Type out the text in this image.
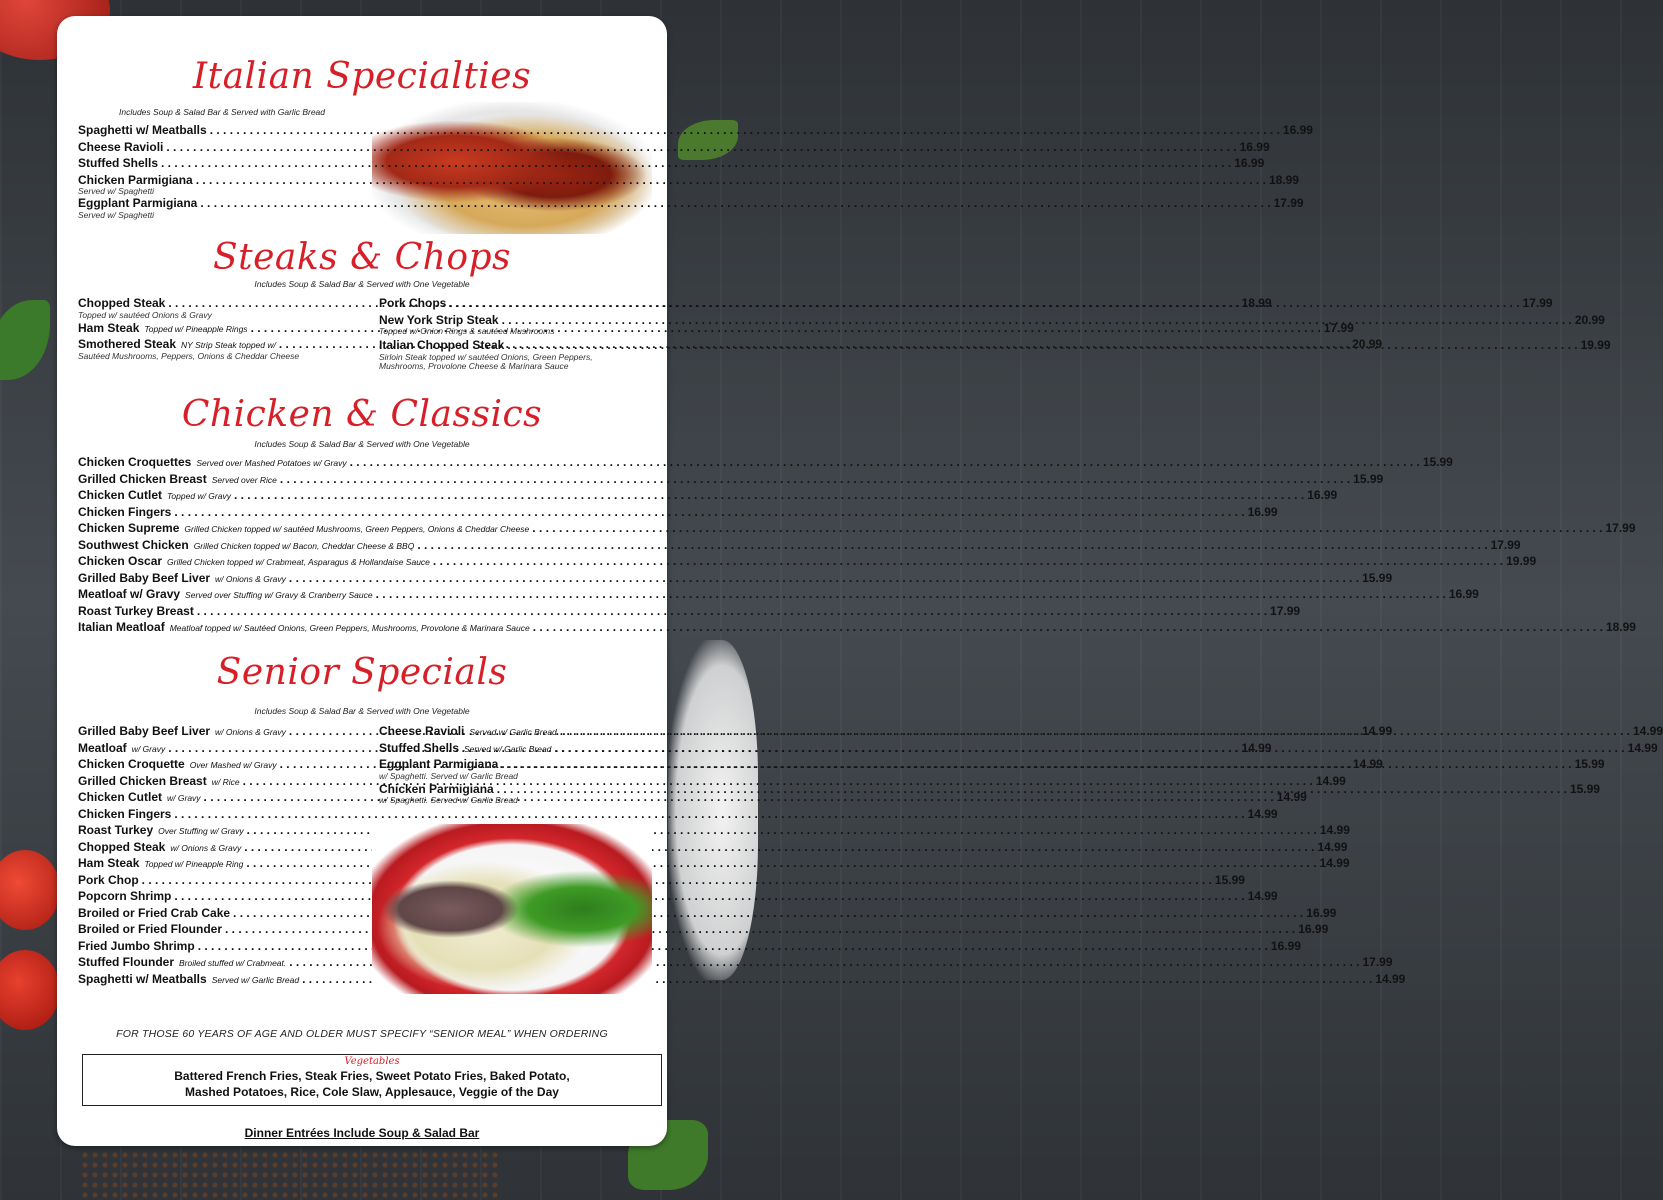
Italian Specialties
Includes Soup & Salad Bar & Served with Garlic Bread
Spaghetti w/ Meatballs . . .	16.99
Cheese Ravioli . . .	16.99
Stuffed Shells . . .	16.99
Chicken Parmigiana . . .	18.99
Served w/ Spaghetti
Eggplant Parmigiana . . .	17.99
Served w/ Spaghetti
Steaks & Chops
Includes Soup & Salad Bar & Served with One Vegetable
Chopped Steak . . .	18.99
Topped w/ sautéed Onions & Gravy
Ham Steak Topped w/ Pineapple Rings . . .	17.99
Smothered Steak NY Strip Steak topped w/ . . .	20.99
Sautéed Mushrooms, Peppers, Onions & Cheddar Cheese
Pork Chops . . .	17.99
New York Strip Steak . . .	20.99
Topped w/ Onion Rings & sautéed Mushrooms
Italian Chopped Steak . . .	19.99
Sirloin Steak topped w/ sautéed Onions, Green Peppers,
Mushrooms, Provolone Cheese & Marinara Sauce
Chicken & Classics
Includes Soup & Salad Bar & Served with One Vegetable
Chicken Croquettes Served over Mashed Potatoes w/ Gravy . . .	15.99
Grilled Chicken Breast Served over Rice . . .	15.99
Chicken Cutlet Topped w/ Gravy . . .	16.99
Chicken Fingers . . .	16.99
Chicken Supreme Grilled Chicken topped w/ sautéed Mushrooms, Green Peppers, Onions & Cheddar Cheese . . .	17.99
Southwest Chicken Grilled Chicken topped w/ Bacon, Cheddar Cheese & BBQ . . .	17.99
Chicken Oscar Grilled Chicken topped w/ Crabmeat, Asparagus & Hollandaise Sauce . . .	19.99
Grilled Baby Beef Liver w/ Onions & Gravy . . .	15.99
Meatloaf w/ Gravy Served over Stuffing w/ Gravy & Cranberry Sauce . . .	16.99
Roast Turkey Breast . . .	17.99
Italian Meatloaf Meatloaf topped w/ Sautéed Onions, Green Peppers, Mushrooms, Provolone & Marinara Sauce . . .	18.99
Senior Specials
Includes Soup & Salad Bar & Served with One Vegetable
Grilled Baby Beef Liver w/ Onions & Gravy . . .	14.99
Meatloaf w/ Gravy . . .	14.99
Chicken Croquette Over Mashed w/ Gravy . . .	14.99
Grilled Chicken Breast w/ Rice . . .	14.99
Chicken Cutlet w/ Gravy . . .	14.99
Chicken Fingers . . .	14.99
Roast Turkey Over Stuffing w/ Gravy . . .	14.99
Chopped Steak w/ Onions & Gravy . . .	14.99
Ham Steak Topped w/ Pineapple Ring . . .	14.99
Pork Chop . . .	15.99
Popcorn Shrimp . . .	14.99
Broiled or Fried Crab Cake . . .	16.99
Broiled or Fried Flounder . . .	16.99
Fried Jumbo Shrimp . . .	16.99
Stuffed Flounder Broiled stuffed w/ Crabmeat. . . .	17.99
Spaghetti w/ Meatballs Served w/ Garlic Bread . . .	14.99
Cheese Ravioli Served w/ Garlic Bread . . .	14.99
Stuffed Shells Served w/ Garlic Bread . . .	14.99
Eggplant Parmigiana . . .	15.99
w/ Spaghetti. Served w/ Garlic Bread
Chicken Parmigiana . . .	15.99
w/ Spaghetti. Served w/ Garlic Bread
FOR THOSE 60 YEARS OF AGE AND OLDER MUST SPECIFY “SENIOR MEAL” WHEN ORDERING
Vegetables
Battered French Fries, Steak Fries, Sweet Potato Fries, Baked Potato,
Mashed Potatoes, Rice, Cole Slaw, Applesauce, Veggie of the Day
Dinner Entrées Include Soup & Salad Bar
